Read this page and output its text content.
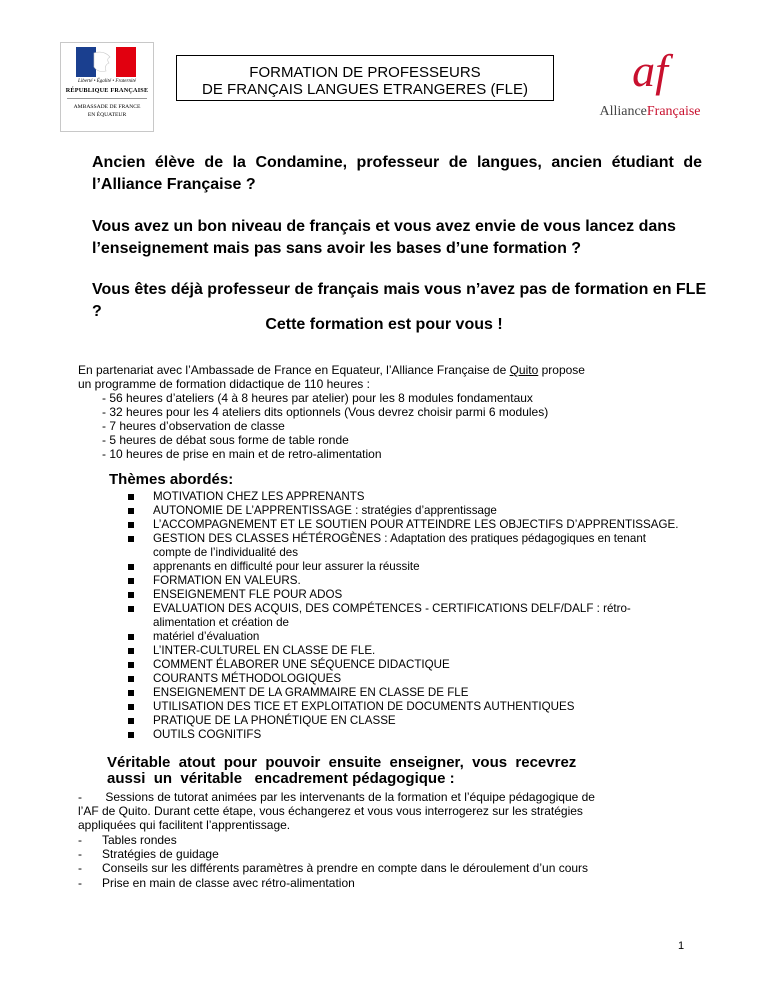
Liberté • Égalité • Fraternité
RÉPUBLIQUE FRANÇAISE
AMBASSADE DE FRANCE
EN ÉQUATEUR
FORMATION DE PROFESSEURS
DE FRANÇAIS LANGUES ETRANGERES (FLE)	af
AllianceFrançaise
Ancien élève de la Condamine, professeur de langues, ancien étudiant de l’Alliance Française ?
Vous avez un bon niveau de français et vous avez envie de vous lancez dans
l’enseignement mais pas sans avoir les bases d’une formation ?
Vous êtes déjà professeur de français mais vous n’avez pas de formation en FLE ?
Cette formation est pour vous !
En partenariat avec l’Ambassade de France en Equateur, l’Alliance Française de Quito propose
un programme de formation didactique de 110 heures :
- 56 heures d’ateliers (4 à 8 heures par atelier) pour les 8 modules fondamentaux
- 32 heures pour les 4 ateliers dits optionnels (Vous devrez choisir parmi 6 modules)
- 7 heures d’observation de classe
- 5 heures de débat sous forme de table ronde
- 10 heures de prise en main et de retro-alimentation
Thèmes abordés:
MOTIVATION CHEZ LES APPRENANTS
AUTONOMIE DE L’APPRENTISSAGE : stratégies d’apprentissage
L’ACCOMPAGNEMENT ET LE SOUTIEN POUR ATTEINDRE LES OBJECTIFS D’APPRENTISSAGE.
GESTION DES CLASSES HÉTÉROGÈNES : Adaptation des pratiques pédagogiques en tenant
compte de l’individualité des
apprenants en difficulté pour leur assurer la réussite
FORMATION EN VALEURS.
ENSEIGNEMENT FLE POUR ADOS
EVALUATION DES ACQUIS, DES COMPÉTENCES - CERTIFICATIONS DELF/DALF : rétro-
alimentation et création de
matériel d’évaluation
L’INTER-CULTUREL EN CLASSE DE FLE.
COMMENT ÉLABORER UNE SÉQUENCE DIDACTIQUE
COURANTS MÉTHODOLOGIQUES
ENSEIGNEMENT DE LA GRAMMAIRE EN CLASSE DE FLE
UTILISATION DES TICE ET EXPLOITATION DE DOCUMENTS AUTHENTIQUES
PRATIQUE DE LA PHONÉTIQUE EN CLASSE
OUTILS COGNITIFS
Véritable  atout  pour  pouvoir  ensuite  enseigner,  vous  recevrez
aussi  un  véritable   encadrement pédagogique :
-       Sessions de tutorat animées par les intervenants de la formation et l’équipe pédagogique de
l’AF de Quito. Durant cette étape, vous échangerez et vous vous interrogerez sur les stratégies
appliquées qui facilitent l’apprentissage.
- Tables rondes
- Stratégies de guidage
- Conseils sur les différents paramètres à prendre en compte dans le déroulement d’un cours
- Prise en main de classe avec rétro-alimentation
1
